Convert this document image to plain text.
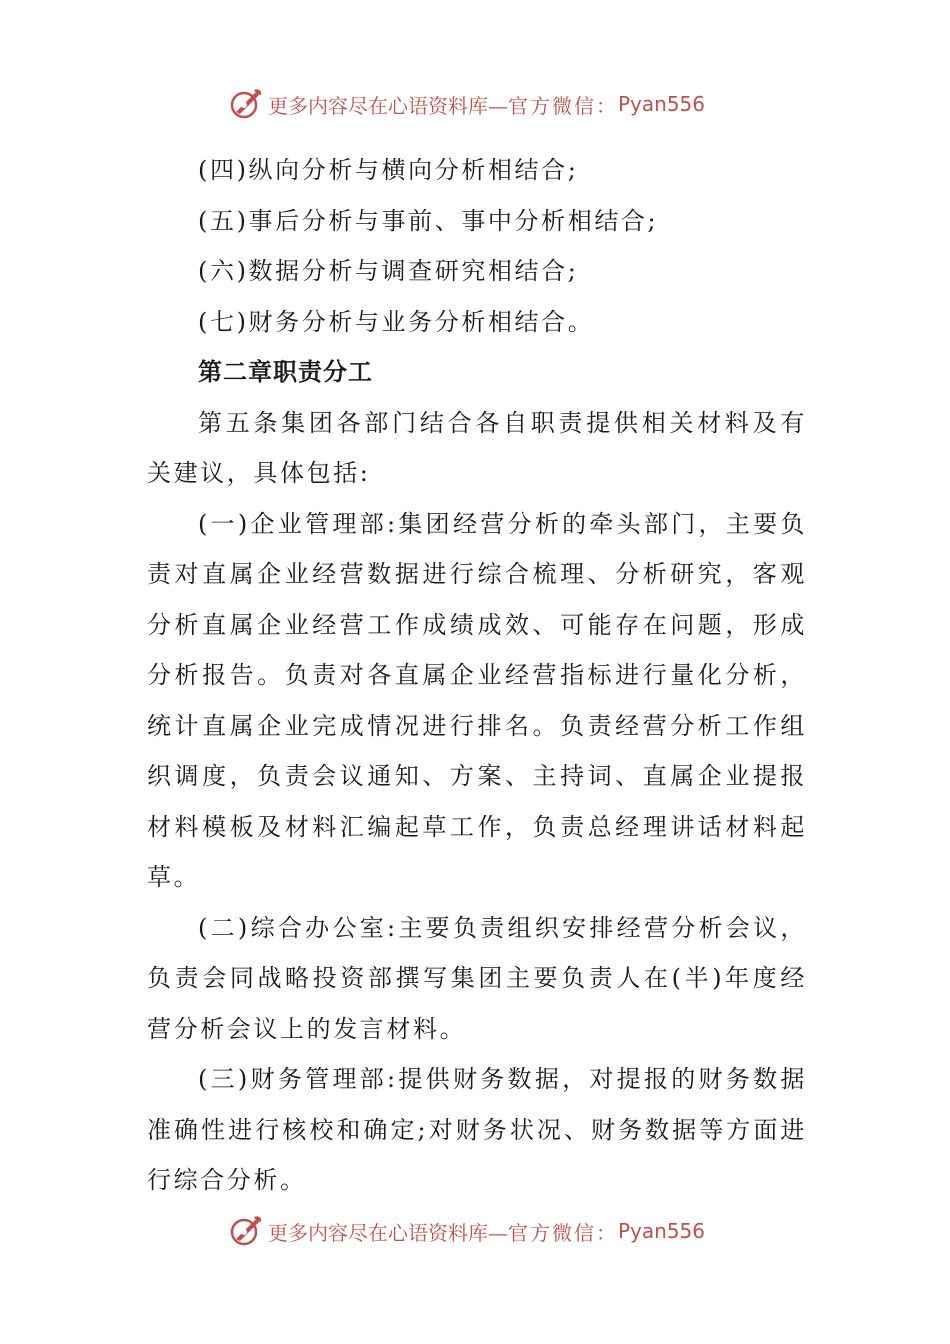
更多内容尽在心语资料库— 官方微信： Pyan556

(四)纵向分析与横向分析相结合;

(五)事后分析与事前、事中分析相结合;

(六)数据分析与调查研究相结合;

(七)财务分析与业务分析相结合。

第二章职责分工

第五条集团各部门结合各自职责提供相关材料及有关建议，具体包括:

(一)企业管理部:集团经营分析的牵头部门，主要负责对直属企业经营数据进行综合梳理、分析研究，客观分析直属企业经营工作成绩成效、可能存在问题，形成分析报告。负责对各直属企业经营指标进行量化分析，统计直属企业完成情况进行排名。负责经营分析工作组织调度，负责会议通知、方案、主持词、直属企业提报材料模板及材料汇编起草工作，负责总经理讲话材料起草。

(二)综合办公室:主要负责组织安排经营分析会议，负责会同战略投资部撰写集团主要负责人在(半)年度经营分析会议上的发言材料。

(三)财务管理部:提供财务数据，对提报的财务数据准确性进行核校和确定;对财务状况、财务数据等方面进行综合分析。

更多内容尽在心语资料库— 官方微信： Pyan556
